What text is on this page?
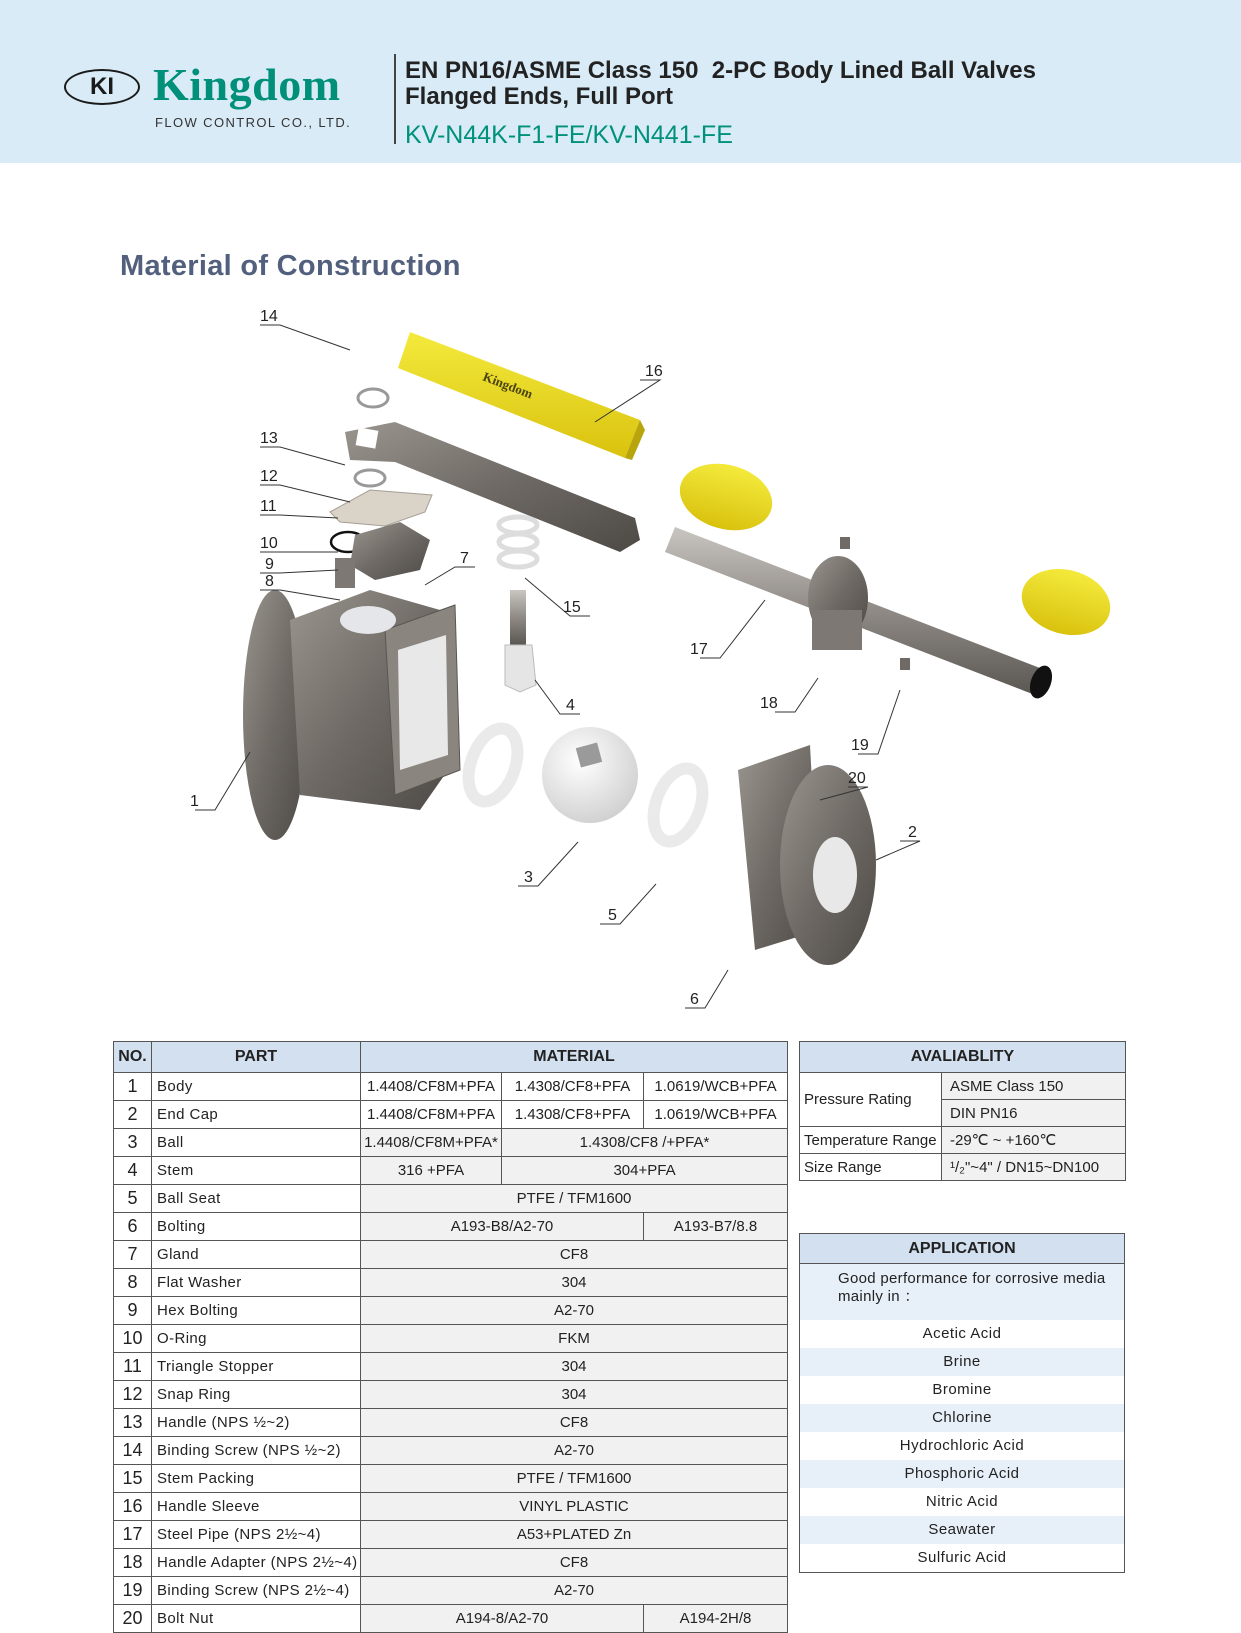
KI Kingdom
FLOW CONTROL CO., LTD.
EN PN16/ASME Class 150  2-PC Body Lined Ball Valves
Flanged Ends, Full Port
KV-N44K-F1-FE/KV-N441-FE
Material of Construction
Kingdom
14
16
13
12
11
10
9
8
7
15
4
1
17
18
19
20
2
3
5
6
NO.	PART	MATERIAL		
1	Body	1.4408/CF8M+PFA	1.4308/CF8+PFA	1.0619/WCB+PFA
2	End Cap	1.4408/CF8M+PFA	1.4308/CF8+PFA	1.0619/WCB+PFA
3	Ball	1.4408/CF8M+PFA*	1.4308/CF8 /+PFA*	
4	Stem	316 +PFA	304+PFA	
5	Ball Seat	PTFE / TFM1600		
6	Bolting	A193-B8/A2-70		A193-B7/8.8
7	Gland	CF8		
8	Flat Washer	304		
9	Hex Bolting	A2-70		
10	O-Ring	FKM		
11	Triangle Stopper	304		
12	Snap Ring	304		
13	Handle (NPS ½~2)	CF8		
14	Binding Screw (NPS ½~2)	A2-70		
15	Stem Packing	PTFE / TFM1600		
16	Handle Sleeve	VINYL PLASTIC		
17	Steel Pipe (NPS 2½~4)	A53+PLATED Zn		
18	Handle Adapter (NPS 2½~4)	CF8		
19	Binding Screw (NPS 2½~4)	A2-70		
20	Bolt Nut	A194-8/A2-70		A194-2H/8
AVALIABLITY	
Pressure Rating	ASME Class 150
	DIN PN16
Temperature Range	-29℃ ~ +160℃
Size Range	¹/₂"~4" / DN15~DN100
APPLICATION
Good performance for corrosive media mainly in ：
Acetic Acid
Brine
Bromine
Chlorine
Hydrochloric Acid
Phosphoric Acid
Nitric Acid
Seawater
Sulfuric Acid
